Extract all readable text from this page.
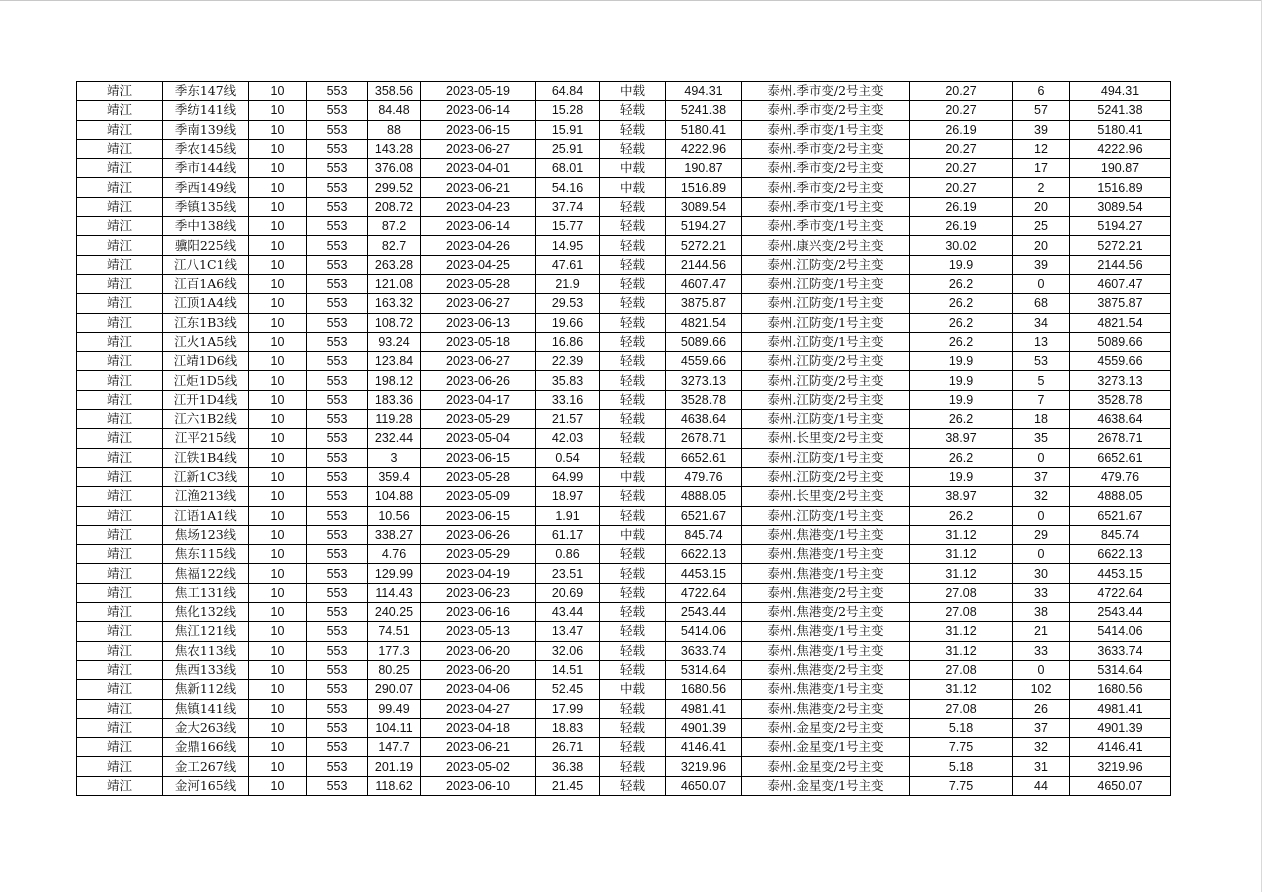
靖江	季东147线	10	553	358.56	2023-05-19	64.84	中载	494.31	泰州.季市变/2号主变	20.27	6	494.31
靖江	季纺141线	10	553	84.48	2023-06-14	15.28	轻载	5241.38	泰州.季市变/2号主变	20.27	57	5241.38
靖江	季南139线	10	553	88	2023-06-15	15.91	轻载	5180.41	泰州.季市变/1号主变	26.19	39	5180.41
靖江	季农145线	10	553	143.28	2023-06-27	25.91	轻载	4222.96	泰州.季市变/2号主变	20.27	12	4222.96
靖江	季市144线	10	553	376.08	2023-04-01	68.01	中载	190.87	泰州.季市变/2号主变	20.27	17	190.87
靖江	季西149线	10	553	299.52	2023-06-21	54.16	中载	1516.89	泰州.季市变/2号主变	20.27	2	1516.89
靖江	季镇135线	10	553	208.72	2023-04-23	37.74	轻载	3089.54	泰州.季市变/1号主变	26.19	20	3089.54
靖江	季中138线	10	553	87.2	2023-06-14	15.77	轻载	5194.27	泰州.季市变/1号主变	26.19	25	5194.27
靖江	骥阳225线	10	553	82.7	2023-04-26	14.95	轻载	5272.21	泰州.康兴变/2号主变	30.02	20	5272.21
靖江	江八1C1线	10	553	263.28	2023-04-25	47.61	轻载	2144.56	泰州.江防变/2号主变	19.9	39	2144.56
靖江	江百1A6线	10	553	121.08	2023-05-28	21.9	轻载	4607.47	泰州.江防变/1号主变	26.2	0	4607.47
靖江	江顶1A4线	10	553	163.32	2023-06-27	29.53	轻载	3875.87	泰州.江防变/1号主变	26.2	68	3875.87
靖江	江东1B3线	10	553	108.72	2023-06-13	19.66	轻载	4821.54	泰州.江防变/1号主变	26.2	34	4821.54
靖江	江火1A5线	10	553	93.24	2023-05-18	16.86	轻载	5089.66	泰州.江防变/1号主变	26.2	13	5089.66
靖江	江靖1D6线	10	553	123.84	2023-06-27	22.39	轻载	4559.66	泰州.江防变/2号主变	19.9	53	4559.66
靖江	江炬1D5线	10	553	198.12	2023-06-26	35.83	轻载	3273.13	泰州.江防变/2号主变	19.9	5	3273.13
靖江	江开1D4线	10	553	183.36	2023-04-17	33.16	轻载	3528.78	泰州.江防变/2号主变	19.9	7	3528.78
靖江	江六1B2线	10	553	119.28	2023-05-29	21.57	轻载	4638.64	泰州.江防变/1号主变	26.2	18	4638.64
靖江	江平215线	10	553	232.44	2023-05-04	42.03	轻载	2678.71	泰州.长里变/2号主变	38.97	35	2678.71
靖江	江铁1B4线	10	553	3	2023-06-15	0.54	轻载	6652.61	泰州.江防变/1号主变	26.2	0	6652.61
靖江	江新1C3线	10	553	359.4	2023-05-28	64.99	中载	479.76	泰州.江防变/2号主变	19.9	37	479.76
靖江	江渔213线	10	553	104.88	2023-05-09	18.97	轻载	4888.05	泰州.长里变/2号主变	38.97	32	4888.05
靖江	江语1A1线	10	553	10.56	2023-06-15	1.91	轻载	6521.67	泰州.江防变/1号主变	26.2	0	6521.67
靖江	焦场123线	10	553	338.27	2023-06-26	61.17	中载	845.74	泰州.焦港变/1号主变	31.12	29	845.74
靖江	焦东115线	10	553	4.76	2023-05-29	0.86	轻载	6622.13	泰州.焦港变/1号主变	31.12	0	6622.13
靖江	焦福122线	10	553	129.99	2023-04-19	23.51	轻载	4453.15	泰州.焦港变/1号主变	31.12	30	4453.15
靖江	焦工131线	10	553	114.43	2023-06-23	20.69	轻载	4722.64	泰州.焦港变/2号主变	27.08	33	4722.64
靖江	焦化132线	10	553	240.25	2023-06-16	43.44	轻载	2543.44	泰州.焦港变/2号主变	27.08	38	2543.44
靖江	焦江121线	10	553	74.51	2023-05-13	13.47	轻载	5414.06	泰州.焦港变/1号主变	31.12	21	5414.06
靖江	焦农113线	10	553	177.3	2023-06-20	32.06	轻载	3633.74	泰州.焦港变/1号主变	31.12	33	3633.74
靖江	焦西133线	10	553	80.25	2023-06-20	14.51	轻载	5314.64	泰州.焦港变/2号主变	27.08	0	5314.64
靖江	焦新112线	10	553	290.07	2023-04-06	52.45	中载	1680.56	泰州.焦港变/1号主变	31.12	102	1680.56
靖江	焦镇141线	10	553	99.49	2023-04-27	17.99	轻载	4981.41	泰州.焦港变/2号主变	27.08	26	4981.41
靖江	金大263线	10	553	104.11	2023-04-18	18.83	轻载	4901.39	泰州.金星变/2号主变	5.18	37	4901.39
靖江	金鼎166线	10	553	147.7	2023-06-21	26.71	轻载	4146.41	泰州.金星变/1号主变	7.75	32	4146.41
靖江	金工267线	10	553	201.19	2023-05-02	36.38	轻载	3219.96	泰州.金星变/2号主变	5.18	31	3219.96
靖江	金河165线	10	553	118.62	2023-06-10	21.45	轻载	4650.07	泰州.金星变/1号主变	7.75	44	4650.07
